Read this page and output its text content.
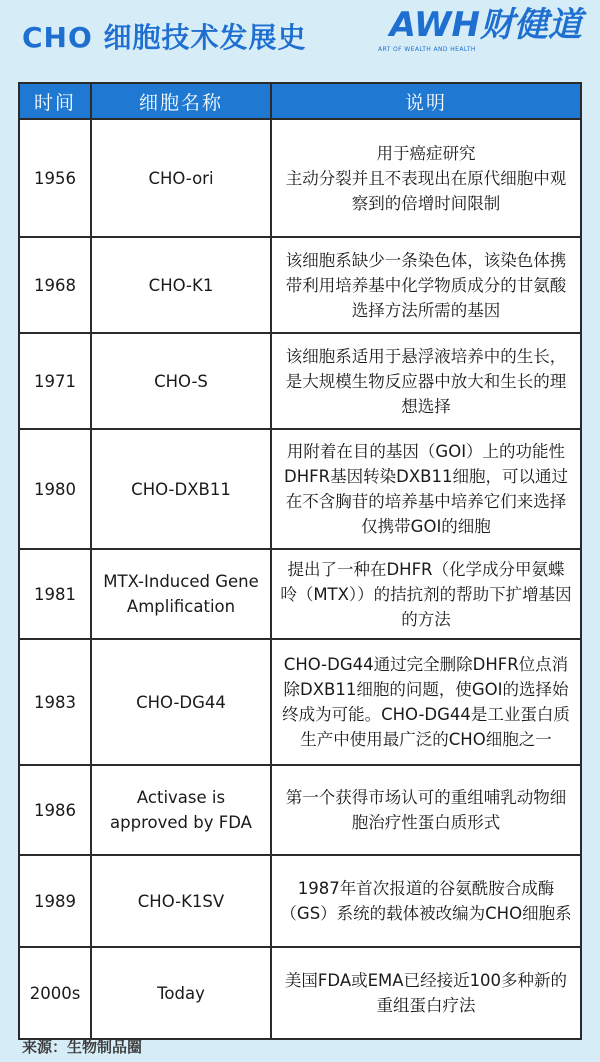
CHO 细胞技术发展史	AWH财健道
ART OF WEALTH AND HEALTH
时间	细胞名称	说明
1956	CHO-ori	用于癌症研究
主动分裂并且不表现出在原代细胞中观察到的倍增时间限制
1968	CHO-K1	该细胞系缺少一条染色体，该染色体携带利用培养基中化学物质成分的甘氨酸选择方法所需的基因
1971	CHO-S	该细胞系适用于悬浮液培养中的生长，是大规模生物反应器中放大和生长的理想选择
1980	CHO-DXB11	用附着在目的基因（GOI）上的功能性DHFR基因转染DXB11细胞，可以通过在不含胸苷的培养基中培养它们来选择仅携带GOI的细胞
1981	MTX-Induced Gene Amplification	提出了一种在DHFR（化学成分甲氨蝶呤（MTX））的拮抗剂的帮助下扩增基因的方法
1983	CHO-DG44	CHO-DG44通过完全删除DHFR位点消除DXB11细胞的问题，使GOI的选择始终成为可能。CHO-DG44是工业蛋白质生产中使用最广泛的CHO细胞之一
1986	Activase is approved by FDA	第一个获得市场认可的重组哺乳动物细胞治疗性蛋白质形式
1989	CHO-K1SV	1987年首次报道的谷氨酰胺合成酶（GS）系统的载体被改编为CHO细胞系
2000s	Today	美国FDA或EMA已经接近100多种新的重组蛋白疗法
来源：生物制品圈
